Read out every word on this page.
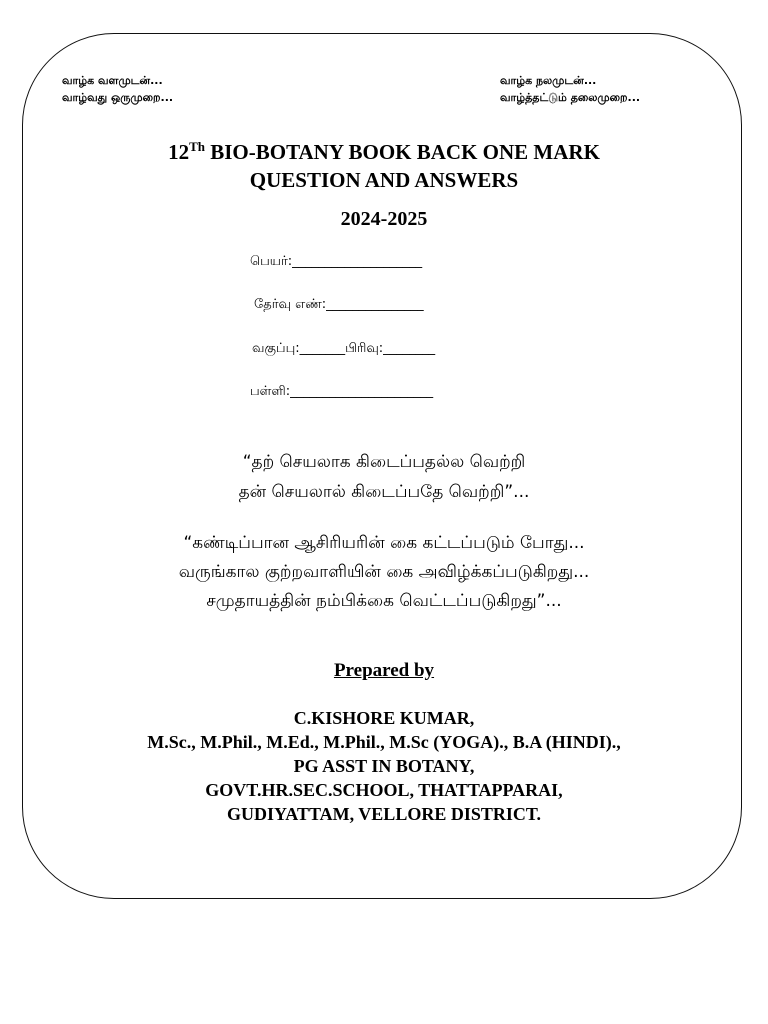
வாழ்க வளமுடன்...
வாழ்வது ஒருமுறை...
வாழ்க நலமுடன்...
வாழ்த்தட்டும் தலைமுறை...
12Th BIO-BOTANY BOOK BACK ONE MARK
QUESTION AND ANSWERS
2024-2025
பெயர்:____________________
தேர்வு எண்:_______________
வகுப்பு:_______பிரிவு:________
பள்ளி:______________________
“தற் செயலாக கிடைப்பதல்ல வெற்றி
தன் செயலால் கிடைப்பதே வெற்றி”...
“கண்டிப்பான ஆசிரியரின் கை கட்டப்படும் போது...
வருங்கால குற்றவாளியின் கை அவிழ்க்கப்படுகிறது...
சமுதாயத்தின் நம்பிக்கை வெட்டப்படுகிறது”...
Prepared by
C.KISHORE KUMAR,
M.Sc., M.Phil., M.Ed., M.Phil., M.Sc (YOGA)., B.A (HINDI).,
PG ASST IN BOTANY,
GOVT.HR.SEC.SCHOOL, THATTAPPARAI,
GUDIYATTAM, VELLORE DISTRICT.
